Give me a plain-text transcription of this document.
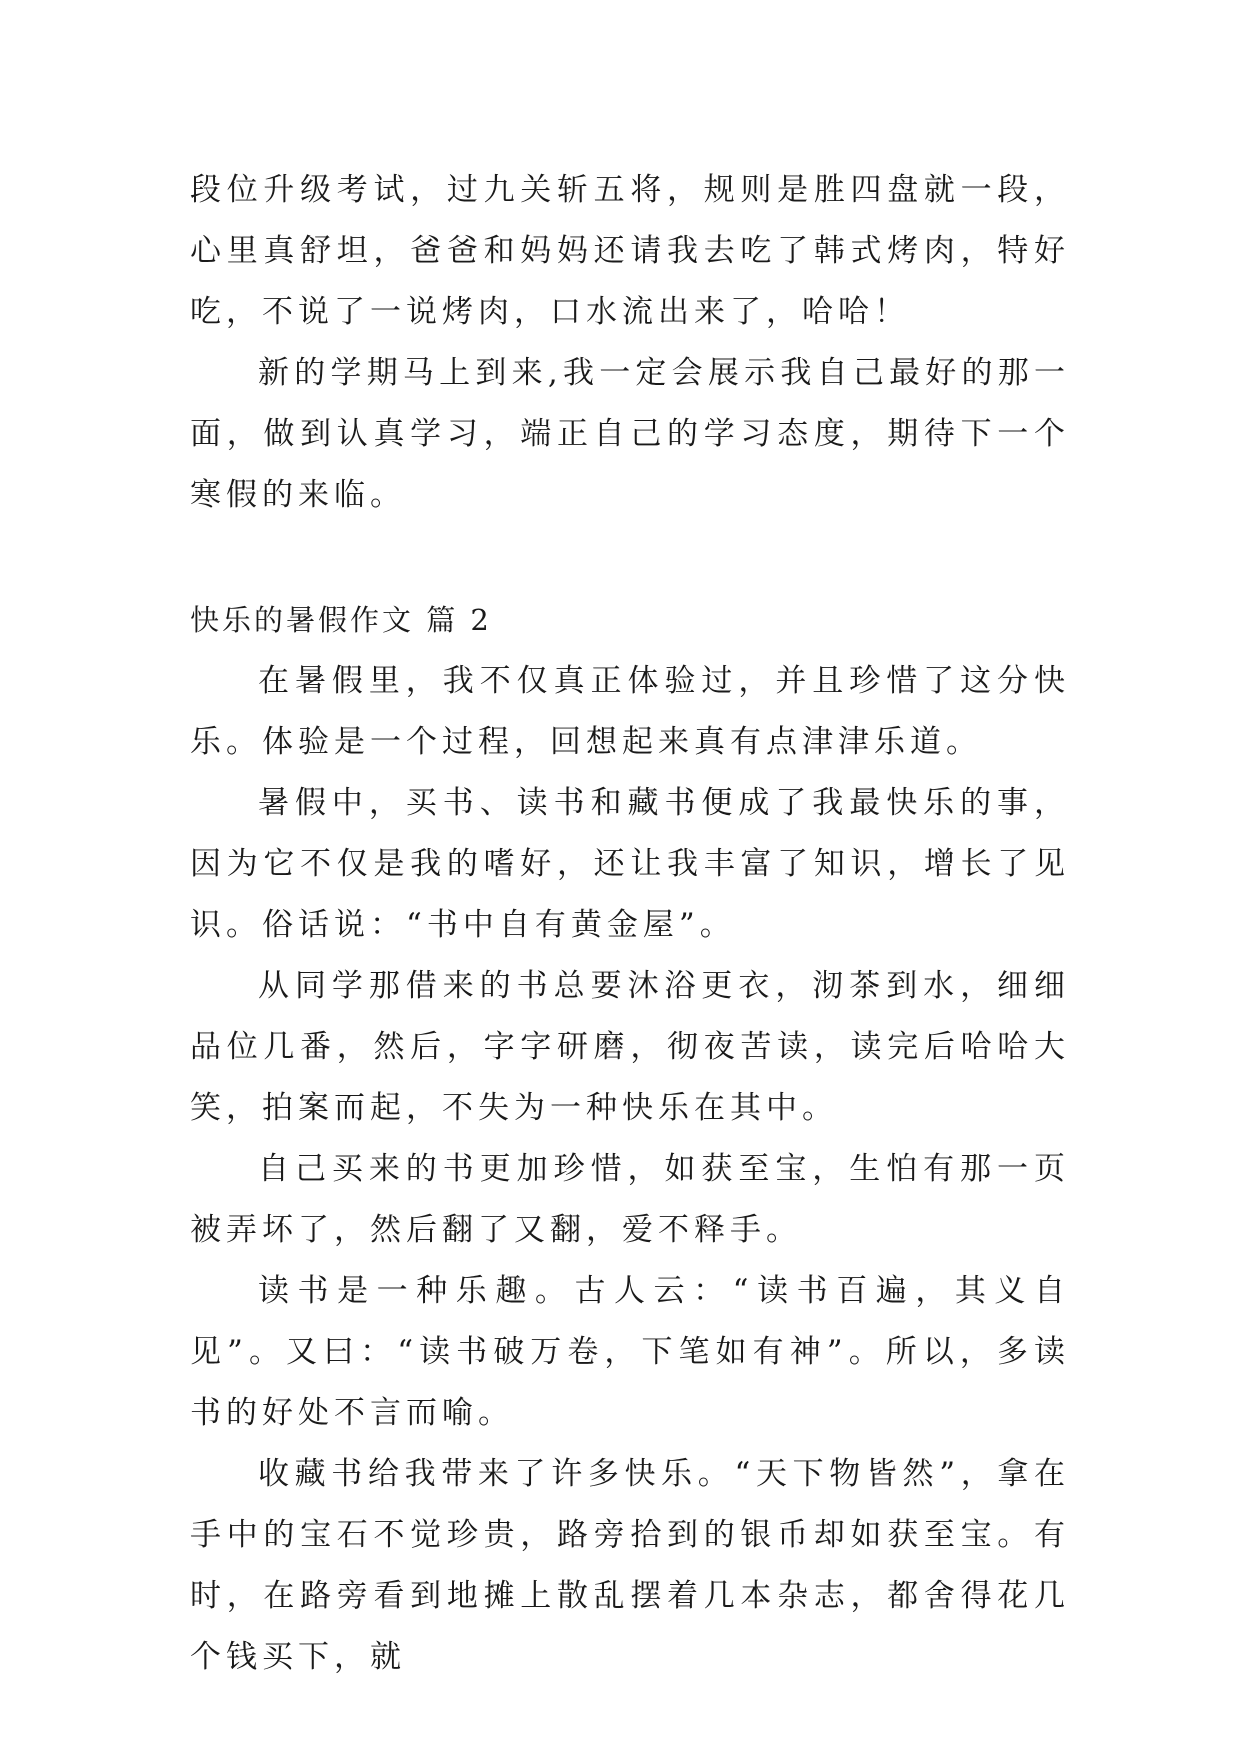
段位升级考试，过九关斩五将，规则是胜四盘就一段，心里真舒坦，爸爸和妈妈还请我去吃了韩式烤肉，特好吃，不说了一说烤肉，口水流出来了，哈哈！

新的学期马上到来,我一定会展示我自己最好的那一面，做到认真学习，端正自己的学习态度，期待下一个寒假的来临。

快乐的暑假作文 篇 2

在暑假里，我不仅真正体验过，并且珍惜了这分快乐。体验是一个过程，回想起来真有点津津乐道。

暑假中，买书、读书和藏书便成了我最快乐的事，因为它不仅是我的嗜好，还让我丰富了知识，增长了见识。俗话说：“书中自有黄金屋”。

从同学那借来的书总要沐浴更衣，沏茶到水，细细品位几番，然后，字字研磨，彻夜苦读，读完后哈哈大笑，拍案而起，不失为一种快乐在其中。

自己买来的书更加珍惜，如获至宝，生怕有那一页被弄坏了，然后翻了又翻，爱不释手。

读书是一种乐趣。古人云：“读书百遍，其义自见”。又曰：“读书破万卷，下笔如有神”。所以，多读书的好处不言而喻。

收藏书给我带来了许多快乐。“天下物皆然”，拿在手中的宝石不觉珍贵，路旁拾到的银币却如获至宝。有时，在路旁看到地摊上散乱摆着几本杂志，都舍得花几个钱买下，就
